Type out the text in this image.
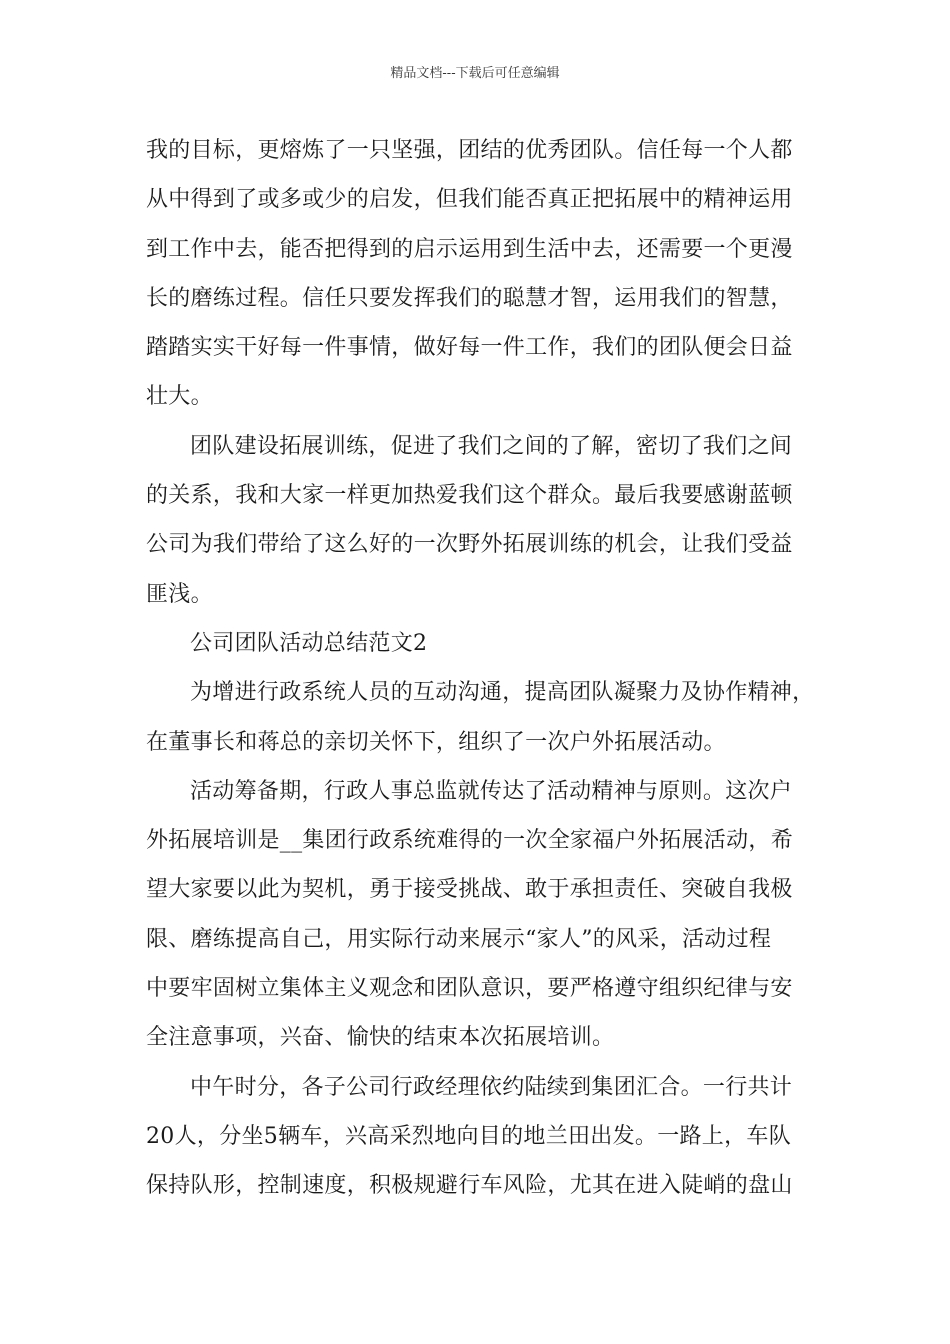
精品文档---下载后可任意编辑
我的目标，更熔炼了一只坚强，团结的优秀团队。信任每一个人都
从中得到了或多或少的启发，但我们能否真正把拓展中的精神运用
到工作中去，能否把得到的启示运用到生活中去，还需要一个更漫
长的磨练过程。信任只要发挥我们的聪慧才智，运用我们的智慧，
踏踏实实干好每一件事情，做好每一件工作，我们的团队便会日益
壮大。
团队建设拓展训练，促进了我们之间的了解，密切了我们之间
的关系，我和大家一样更加热爱我们这个群众。最后我要感谢蓝顿
公司为我们带给了这么好的一次野外拓展训练的机会，让我们受益
匪浅。
公司团队活动总结范文2
为增进行政系统人员的互动沟通，提高团队凝聚力及协作精神，
在董事长和蒋总的亲切关怀下，组织了一次户外拓展活动。
活动筹备期，行政人事总监就传达了活动精神与原则。这次户
外拓展培训是__集团行政系统难得的一次全家福户外拓展活动，希
望大家要以此为契机，勇于接受挑战、敢于承担责任、突破自我极
限、磨练提高自己，用实际行动来展示“家人”的风采，活动过程
中要牢固树立集体主义观念和团队意识，要严格遵守组织纪律与安
全注意事项，兴奋、愉快的结束本次拓展培训。
中午时分，各子公司行政经理依约陆续到集团汇合。一行共计
20人，分坐5辆车，兴高采烈地向目的地兰田出发。一路上，车队
保持队形，控制速度，积极规避行车风险，尤其在进入陡峭的盘山
